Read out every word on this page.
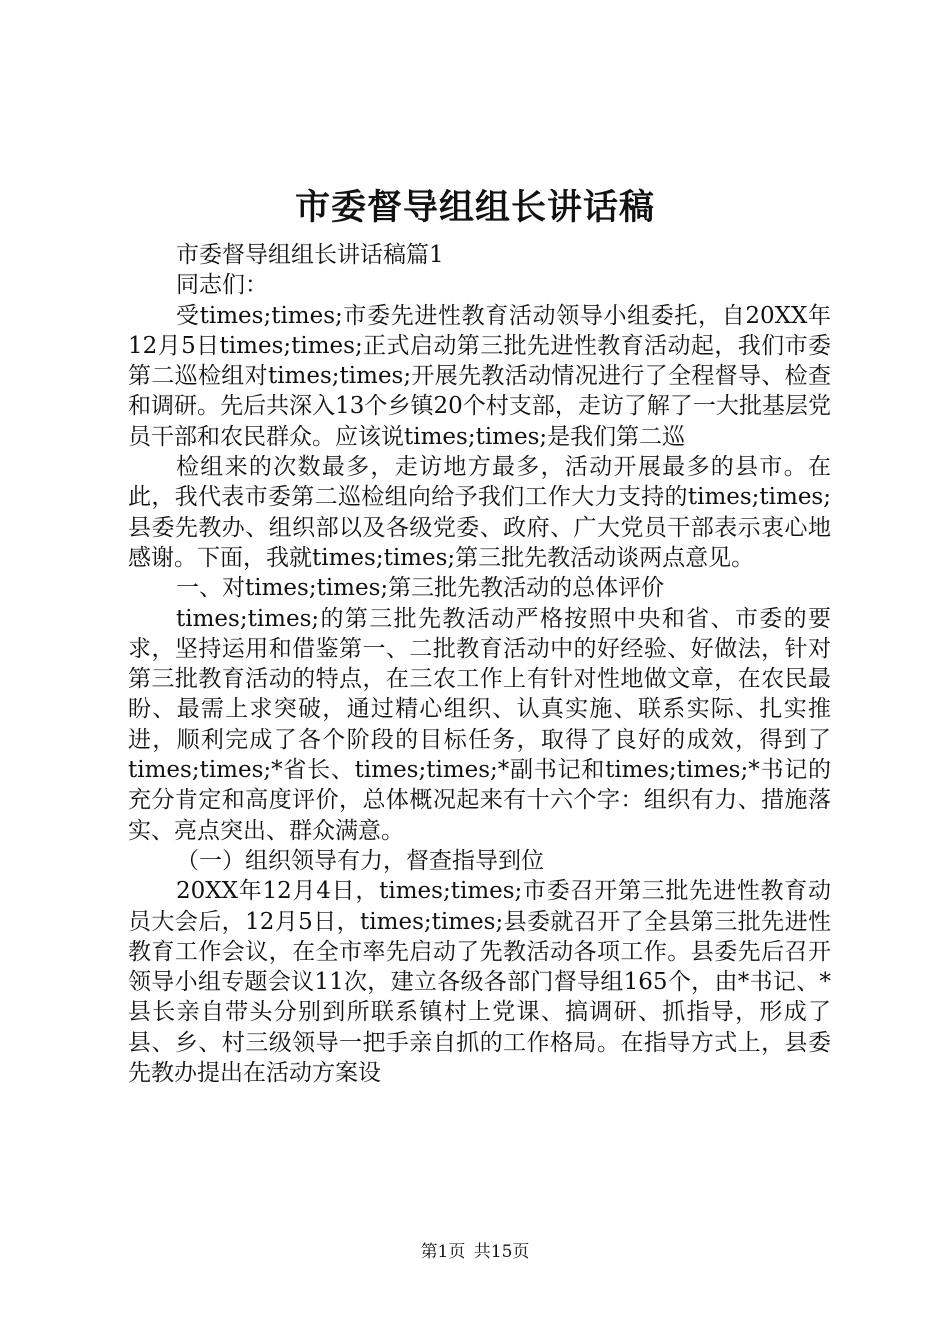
市委督导组组长讲话稿

市委督导组组长讲话稿篇1

同志们：

受times;times;市委先进性教育活动领导小组委托，自20XX年12月5日times;times;正式启动第三批先进性教育活动起，我们市委第二巡检组对times;times;开展先教活动情况进行了全程督导、检查和调研。先后共深入13个乡镇20个村支部，走访了解了一大批基层党员干部和农民群众。应该说times;times;是我们第二巡

检组来的次数最多，走访地方最多，活动开展最多的县市。在此，我代表市委第二巡检组向给予我们工作大力支持的times;times;县委先教办、组织部以及各级党委、政府、广大党员干部表示衷心地感谢。下面，我就times;times;第三批先教活动谈两点意见。

一、对times;times;第三批先教活动的总体评价

times;times;的第三批先教活动严格按照中央和省、市委的要求，坚持运用和借鉴第一、二批教育活动中的好经验、好做法，针对第三批教育活动的特点，在三农工作上有针对性地做文章，在农民最盼、最需上求突破，通过精心组织、认真实施、联系实际、扎实推进，顺利完成了各个阶段的目标任务，取得了良好的成效，得到了times;times;*省长、times;times;*副书记和times;times;*书记的充分肯定和高度评价，总体概况起来有十六个字：组织有力、措施落实、亮点突出、群众满意。

（一）组织领导有力，督查指导到位

20XX年12月4日，times;times;市委召开第三批先进性教育动员大会后，12月5日，times;times;县委就召开了全县第三批先进性教育工作会议，在全市率先启动了先教活动各项工作。县委先后召开领导小组专题会议11次，建立各级各部门督导组165个，由*书记、*县长亲自带头分别到所联系镇村上党课、搞调研、抓指导，形成了县、乡、村三级领导一把手亲自抓的工作格局。在指导方式上，县委先教办提出在活动方案设

第1页 共15页
